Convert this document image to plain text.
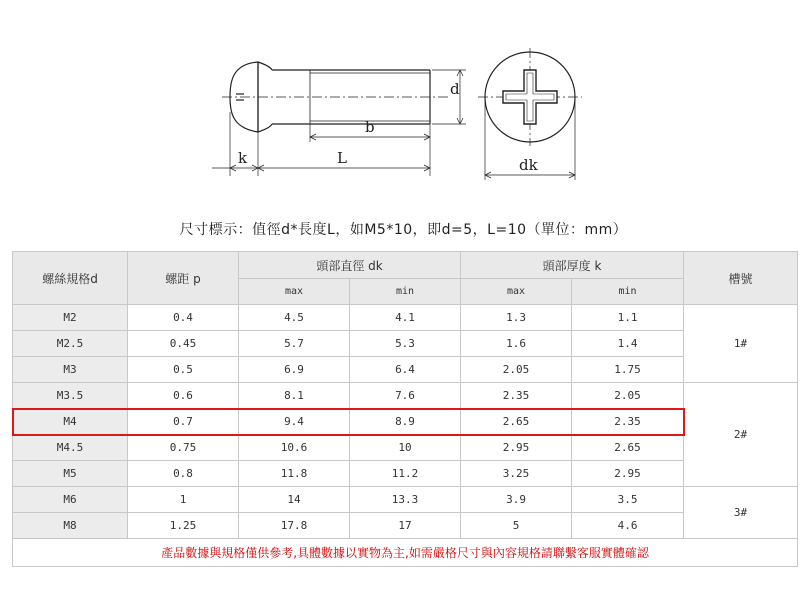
d
b
k	L	dk
尺寸標示：值徑d*長度L，如M5*10，即d=5，L=10（單位：mm）
螺絲規格d	螺距 p	頭部直徑 dk		頭部厚度 k		槽號
		max	min	max	min	
M2	0.4	4.5	4.1	1.3	1.1	1#
M2.5	0.45	5.7	5.3	1.6	1.4	
M3	0.5	6.9	6.4	2.05	1.75	
M3.5	0.6	8.1	7.6	2.35	2.05	2#
M4	0.7	9.4	8.9	2.65	2.35	
M4.5	0.75	10.6	10	2.95	2.65	
M5	0.8	11.8	11.2	3.25	2.95	
M6	1	14	13.3	3.9	3.5	3#
M8	1.25	17.8	17	5	4.6	
產品數據與規格僅供參考,具體數據以實物為主,如需嚴格尺寸與內容規格請聯繫客服實體確認						
